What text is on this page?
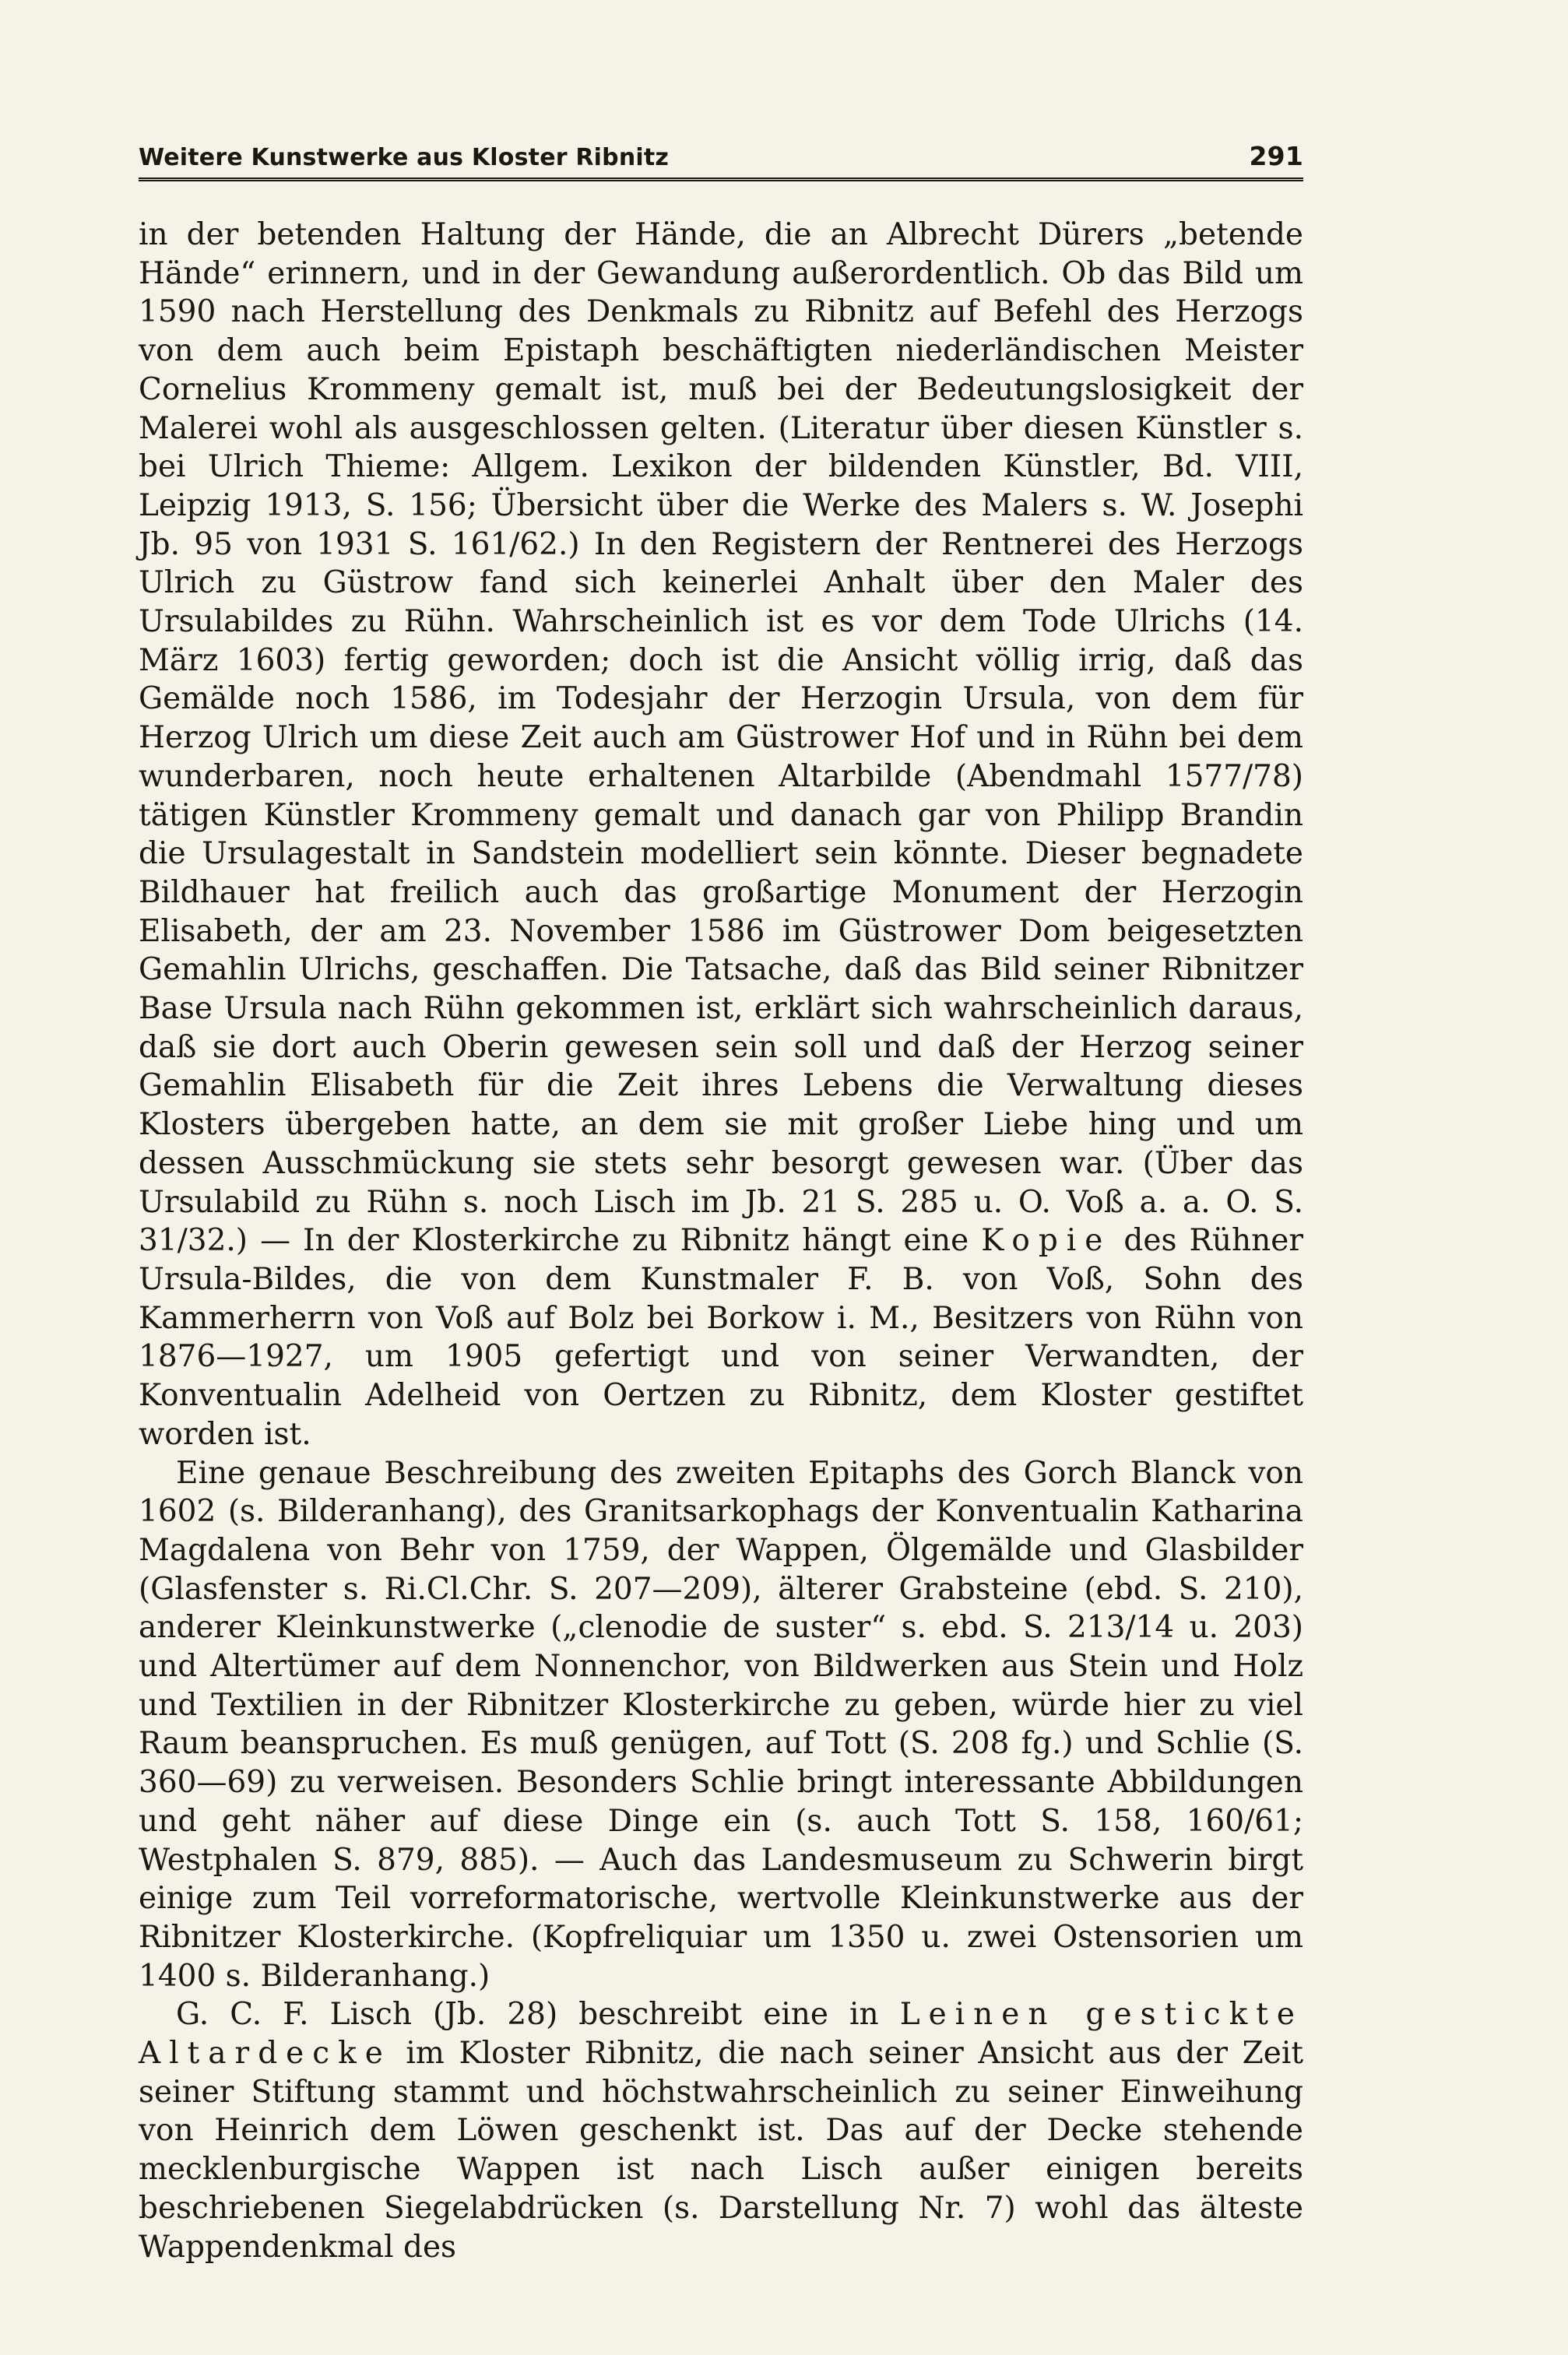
Weitere Kunstwerke aus Kloster Ribnitz	291

in der betenden Haltung der Hände, die an Albrecht Dürers „betende Hände“ erinnern, und in der Gewandung außerordentlich. Ob das Bild um 1590 nach Herstellung des Denkmals zu Ribnitz auf Befehl des Herzogs von dem auch beim Epistaph beschäftigten niederländischen Meister Cornelius Krommeny gemalt ist, muß bei der Bedeutungslosigkeit der Malerei wohl als ausgeschlossen gelten. (Literatur über diesen Künstler s. bei Ulrich Thieme: Allgem. Lexikon der bildenden Künstler, Bd. VIII, Leipzig 1913, S. 156; Übersicht über die Werke des Malers s. W. Josephi Jb. 95 von 1931 S. 161/62.) In den Registern der Rentnerei des Herzogs Ulrich zu Güstrow fand sich keinerlei Anhalt über den Maler des Ursulabildes zu Rühn. Wahrscheinlich ist es vor dem Tode Ulrichs (14. März 1603) fertig geworden; doch ist die Ansicht völlig irrig, daß das Gemälde noch 1586, im Todesjahr der Herzogin Ursula, von dem für Herzog Ulrich um diese Zeit auch am Güstrower Hof und in Rühn bei dem wunderbaren, noch heute erhaltenen Altarbilde (Abendmahl 1577/78) tätigen Künstler Krommeny gemalt und danach gar von Philipp Brandin die Ursulagestalt in Sandstein modelliert sein könnte. Dieser begnadete Bildhauer hat freilich auch das großartige Monument der Herzogin Elisabeth, der am 23. November 1586 im Güstrower Dom beigesetzten Gemahlin Ulrichs, geschaffen. Die Tatsache, daß das Bild seiner Ribnitzer Base Ursula nach Rühn gekommen ist, erklärt sich wahrscheinlich daraus, daß sie dort auch Oberin gewesen sein soll und daß der Herzog seiner Gemahlin Elisabeth für die Zeit ihres Lebens die Verwaltung dieses Klosters übergeben hatte, an dem sie mit großer Liebe hing und um dessen Ausschmückung sie stets sehr besorgt gewesen war. (Über das Ursulabild zu Rühn s. noch Lisch im Jb. 21 S. 285 u. O. Voß a. a. O. S. 31/32.) — In der Klosterkirche zu Ribnitz hängt eine Kopie des Rühner Ursula-Bildes, die von dem Kunstmaler F. B. von Voß, Sohn des Kammerherrn von Voß auf Bolz bei Borkow i. M., Besitzers von Rühn von 1876—1927, um 1905 gefertigt und von seiner Verwandten, der Konventualin Adelheid von Oertzen zu Ribnitz, dem Kloster gestiftet worden ist.

Eine genaue Beschreibung des zweiten Epitaphs des Gorch Blanck von 1602 (s. Bilderanhang), des Granitsarkophags der Konventualin Katharina Magdalena von Behr von 1759, der Wappen, Ölgemälde und Glasbilder (Glasfenster s. Ri.Cl.Chr. S. 207—209), älterer Grabsteine (ebd. S. 210), anderer Kleinkunstwerke („clenodie de suster“ s. ebd. S. 213/14 u. 203) und Altertümer auf dem Nonnenchor, von Bildwerken aus Stein und Holz und Textilien in der Ribnitzer Klosterkirche zu geben, würde hier zu viel Raum beanspruchen. Es muß genügen, auf Tott (S. 208 fg.) und Schlie (S. 360—69) zu verweisen. Besonders Schlie bringt interessante Abbildungen und geht näher auf diese Dinge ein (s. auch Tott S. 158, 160/61; Westphalen S. 879, 885). — Auch das Landesmuseum zu Schwerin birgt einige zum Teil vorreformatorische, wertvolle Kleinkunstwerke aus der Ribnitzer Klosterkirche. (Kopfreliquiar um 1350 u. zwei Ostensorien um 1400 s. Bilderanhang.)

G. C. F. Lisch (Jb. 28) beschreibt eine in Leinen gestickte Altardecke im Kloster Ribnitz, die nach seiner Ansicht aus der Zeit seiner Stiftung stammt und höchstwahrscheinlich zu seiner Einweihung von Heinrich dem Löwen geschenkt ist. Das auf der Decke stehende mecklenburgische Wappen ist nach Lisch außer einigen bereits beschriebenen Siegelabdrücken (s. Darstellung Nr. 7) wohl das älteste Wappendenkmal des
